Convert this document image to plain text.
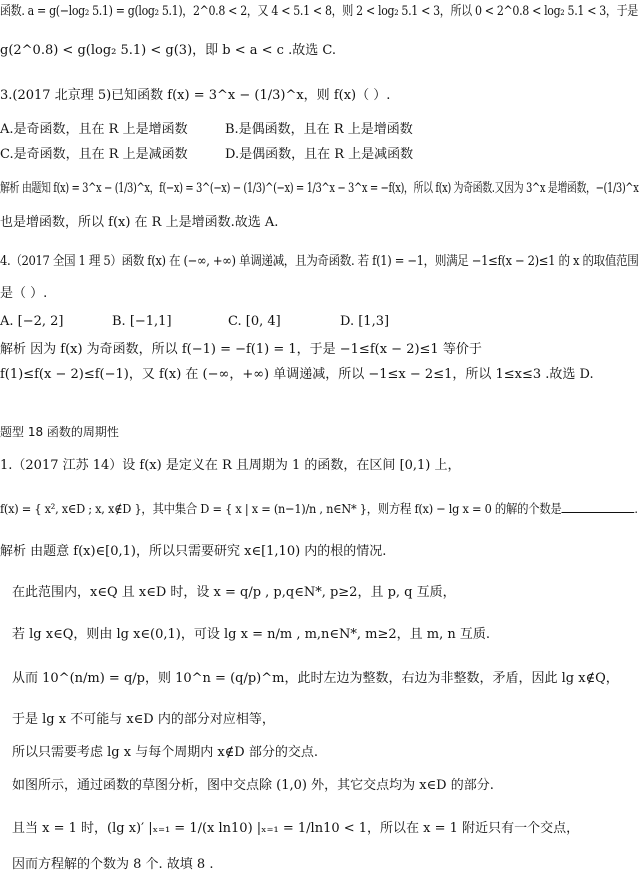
函数. a = g(−log₂ 5.1) = g(log₂ 5.1)，2^0.8 < 2，又 4 < 5.1 < 8，则 2 < log₂ 5.1 < 3，所以 0 < 2^0.8 < log₂ 5.1 < 3，于是
g(2^0.8) < g(log₂ 5.1) < g(3)，即 b < a < c .故选 C.
3.(2017 北京理 5)已知函数 f(x) = 3^x − (1/3)^x，则 f(x)（ ）.
A.是奇函数，且在 R 上是增函数	B.是偶函数，且在 R 上是增函数
C.是奇函数，且在 R 上是减函数	D.是偶函数，且在 R 上是减函数
解析 由题知 f(x) = 3^x − (1/3)^x，f(−x) = 3^(−x) − (1/3)^(−x) = 1/3^x − 3^x = −f(x)，所以 f(x) 为奇函数.又因为 3^x 是增函数，−(1/3)^x
也是增函数，所以 f(x) 在 R 上是增函数.故选 A.
4.（2017 全国 1 理 5）函数 f(x) 在 (−∞, +∞) 单调递减，且为奇函数. 若 f(1) = −1，则满足 −1≤f(x − 2)≤1 的 x 的取值范围
是（ ）.
A. [−2, 2]	B. [−1,1]	C. [0, 4]	D. [1,3]
解析 因为 f(x) 为奇函数，所以 f(−1) = −f(1) = 1，于是 −1≤f(x − 2)≤1 等价于
f(1)≤f(x − 2)≤f(−1)，又 f(x) 在 (−∞，+∞) 单调递减，所以 −1≤x − 2≤1，所以 1≤x≤3 .故选 D.
题型 18 函数的周期性
1.（2017 江苏 14）设 f(x) 是定义在 R 且周期为 1 的函数，在区间 [0,1) 上，
f(x) = { x², x∈D ; x, x∉D }，其中集合 D = { x | x = (n−1)/n , n∈N* }，则方程 f(x) − lg x = 0 的解的个数是	.
解析 由题意 f(x)∈[0,1)，所以只需要研究 x∈[1,10) 内的根的情况.
在此范围内，x∈Q 且 x∈D 时，设 x = q/p , p,q∈N*, p≥2，且 p, q 互质，
若 lg x∈Q，则由 lg x∈(0,1)，可设 lg x = n/m , m,n∈N*, m≥2，且 m, n 互质.
从而 10^(n/m) = q/p，则 10^n = (q/p)^m，此时左边为整数，右边为非整数，矛盾，因此 lg x∉Q，
于是 lg x 不可能与 x∈D 内的部分对应相等，
所以只需要考虑 lg x 与每个周期内 x∉D 部分的交点.
如图所示，通过函数的草图分析，图中交点除 (1,0) 外，其它交点均为 x∈D 的部分.
且当 x = 1 时，(lg x)′ |ₓ₌₁ = 1/(x ln10) |ₓ₌₁ = 1/ln10 < 1，所以在 x = 1 附近只有一个交点，
因而方程解的个数为 8 个. 故填 8 .
